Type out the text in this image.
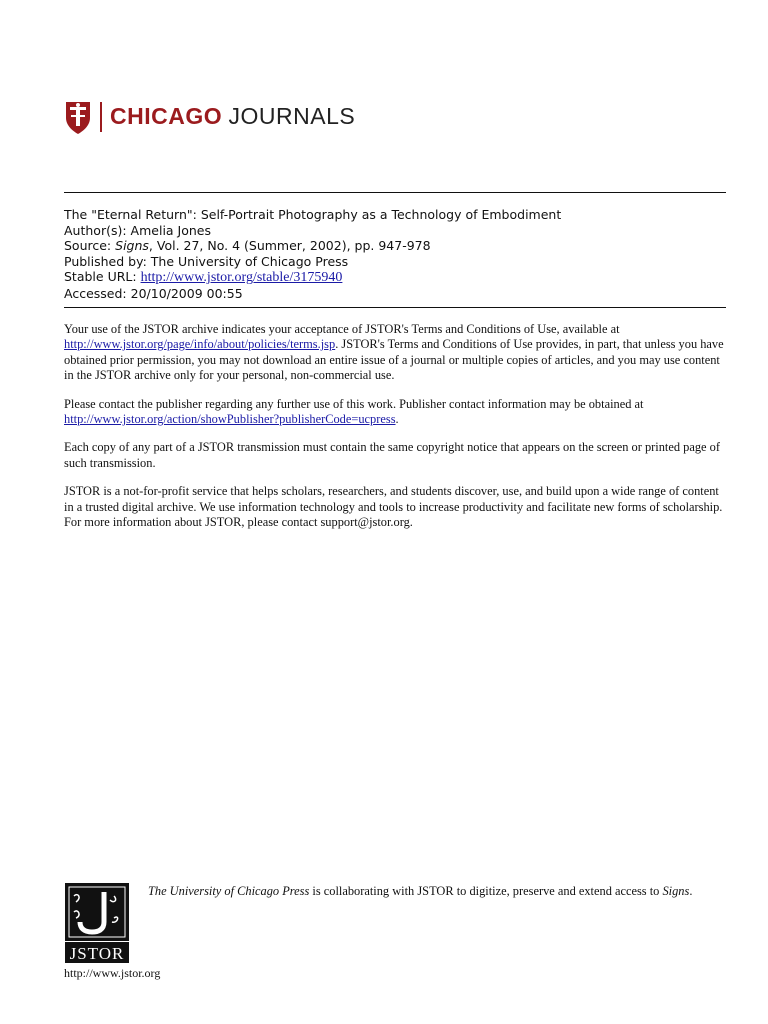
CHICAGO JOURNALS
The "Eternal Return": Self-Portrait Photography as a Technology of Embodiment
Author(s): Amelia Jones
Source: Signs, Vol. 27, No. 4 (Summer, 2002), pp. 947-978
Published by: The University of Chicago Press
Stable URL: http://www.jstor.org/stable/3175940
Accessed: 20/10/2009 00:55

Your use of the JSTOR archive indicates your acceptance of JSTOR's Terms and Conditions of Use, available at http://www.jstor.org/page/info/about/policies/terms.jsp. JSTOR's Terms and Conditions of Use provides, in part, that unless you have obtained prior permission, you may not download an entire issue of a journal or multiple copies of articles, and you may use content in the JSTOR archive only for your personal, non-commercial use.

Please contact the publisher regarding any further use of this work. Publisher contact information may be obtained at http://www.jstor.org/action/showPublisher?publisherCode=ucpress.

Each copy of any part of a JSTOR transmission must contain the same copyright notice that appears on the screen or printed page of such transmission.

JSTOR is a not-for-profit service that helps scholars, researchers, and students discover, use, and build upon a wide range of content in a trusted digital archive. We use information technology and tools to increase productivity and facilitate new forms of scholarship. For more information about JSTOR, please contact support@jstor.org.

JSTOR
http://www.jstor.org
The University of Chicago Press is collaborating with JSTOR to digitize, preserve and extend access to Signs.
